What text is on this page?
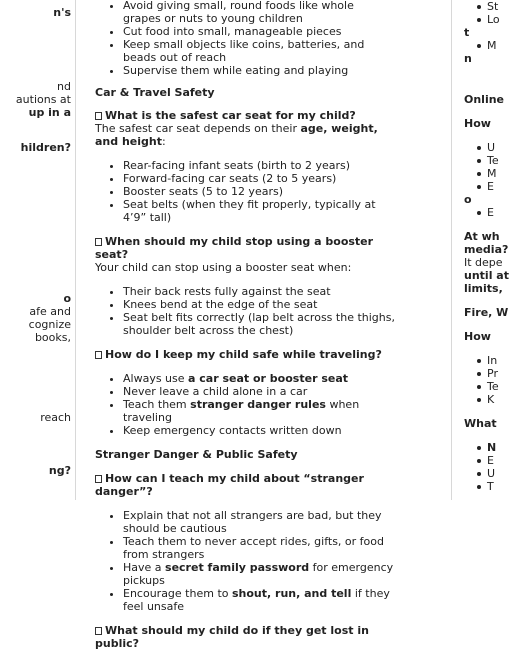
n's
nd
autions at
up in a
hildren?
o
afe and
cognize
books,
reach
ng?
• Avoid giving small, round foods like whole grapes or nuts to young children
• Cut food into small, manageable pieces
• Keep small objects like coins, batteries, and beads out of reach
• Supervise them while eating and playing

Car & Travel Safety

What is the safest car seat for my child?

The safest car seat depends on their age, weight, and height:

• Rear-facing infant seats (birth to 2 years)
• Forward-facing car seats (2 to 5 years)
• Booster seats (5 to 12 years)
• Seat belts (when they fit properly, typically at 4’9” tall)

When should my child stop using a booster seat?

Your child can stop using a booster seat when:

• Their back rests fully against the seat
• Knees bend at the edge of the seat
• Seat belt fits correctly (lap belt across the thighs, shoulder belt across the chest)

How do I keep my child safe while traveling?

• Always use a car seat or booster seat
• Never leave a child alone in a car
• Teach them stranger danger rules when traveling
• Keep emergency contacts written down

Stranger Danger & Public Safety

How can I teach my child about “stranger danger”?

• Explain that not all strangers are bad, but they should be cautious
• Teach them to never accept rides, gifts, or food from strangers
• Have a secret family password for emergency pickups
• Encourage them to shout, run, and tell if they feel unsafe

What should my child do if they get lost in public?

St
Lo
t
M
n
Online
How
U
Te
M
E
o
E
At wh
media?
It depe
until at
limits,
Fire, W
How
In
Pr
Te
K
What
N
E
U
T
